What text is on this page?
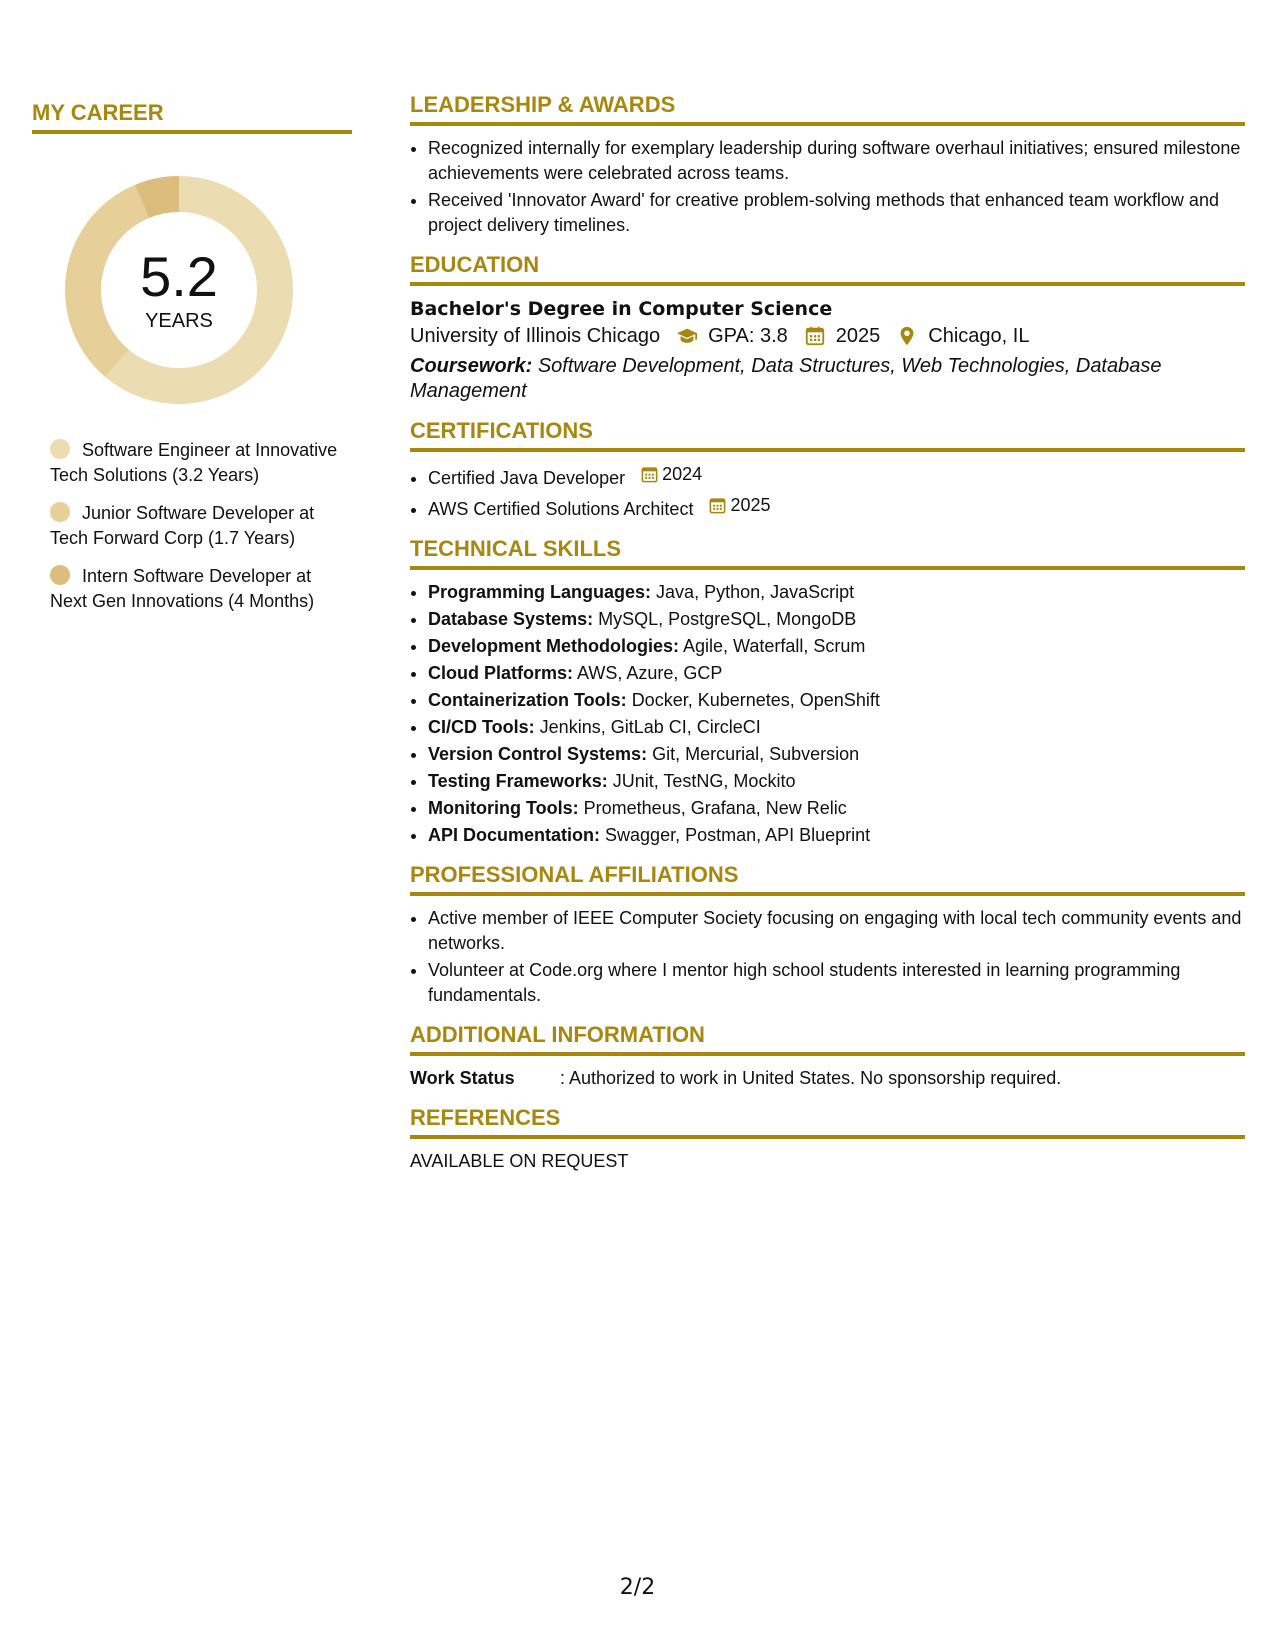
MY CAREER
5.2
YEARS
Software Engineer at Innovative Tech Solutions (3.2 Years)
Junior Software Developer at Tech Forward Corp (1.7 Years)
Intern Software Developer at Next Gen Innovations (4 Months)
LEADERSHIP & AWARDS
• Recognized internally for exemplary leadership during software overhaul initiatives; ensured milestone achievements were celebrated across teams.
• Received 'Innovator Award' for creative problem-solving methods that enhanced team workflow and project delivery timelines.
EDUCATION
Bachelor's Degree in Computer Science
University of Illinois Chicago GPA: 3.8 2025 Chicago, IL
Coursework: Software Development, Data Structures, Web Technologies, Database Management
CERTIFICATIONS
• Certified Java Developer 2024
• AWS Certified Solutions Architect 2025
TECHNICAL SKILLS
• Programming Languages: Java, Python, JavaScript
• Database Systems: MySQL, PostgreSQL, MongoDB
• Development Methodologies: Agile, Waterfall, Scrum
• Cloud Platforms: AWS, Azure, GCP
• Containerization Tools: Docker, Kubernetes, OpenShift
• CI/CD Tools: Jenkins, GitLab CI, CircleCI
• Version Control Systems: Git, Mercurial, Subversion
• Testing Frameworks: JUnit, TestNG, Mockito
• Monitoring Tools: Prometheus, Grafana, New Relic
• API Documentation: Swagger, Postman, API Blueprint
PROFESSIONAL AFFILIATIONS
• Active member of IEEE Computer Society focusing on engaging with local tech community events and networks.
• Volunteer at Code.org where I mentor high school students interested in learning programming fundamentals.
ADDITIONAL INFORMATION
Work Status	: Authorized to work in United States. No sponsorship required.
REFERENCES
AVAILABLE ON REQUEST
2/2
